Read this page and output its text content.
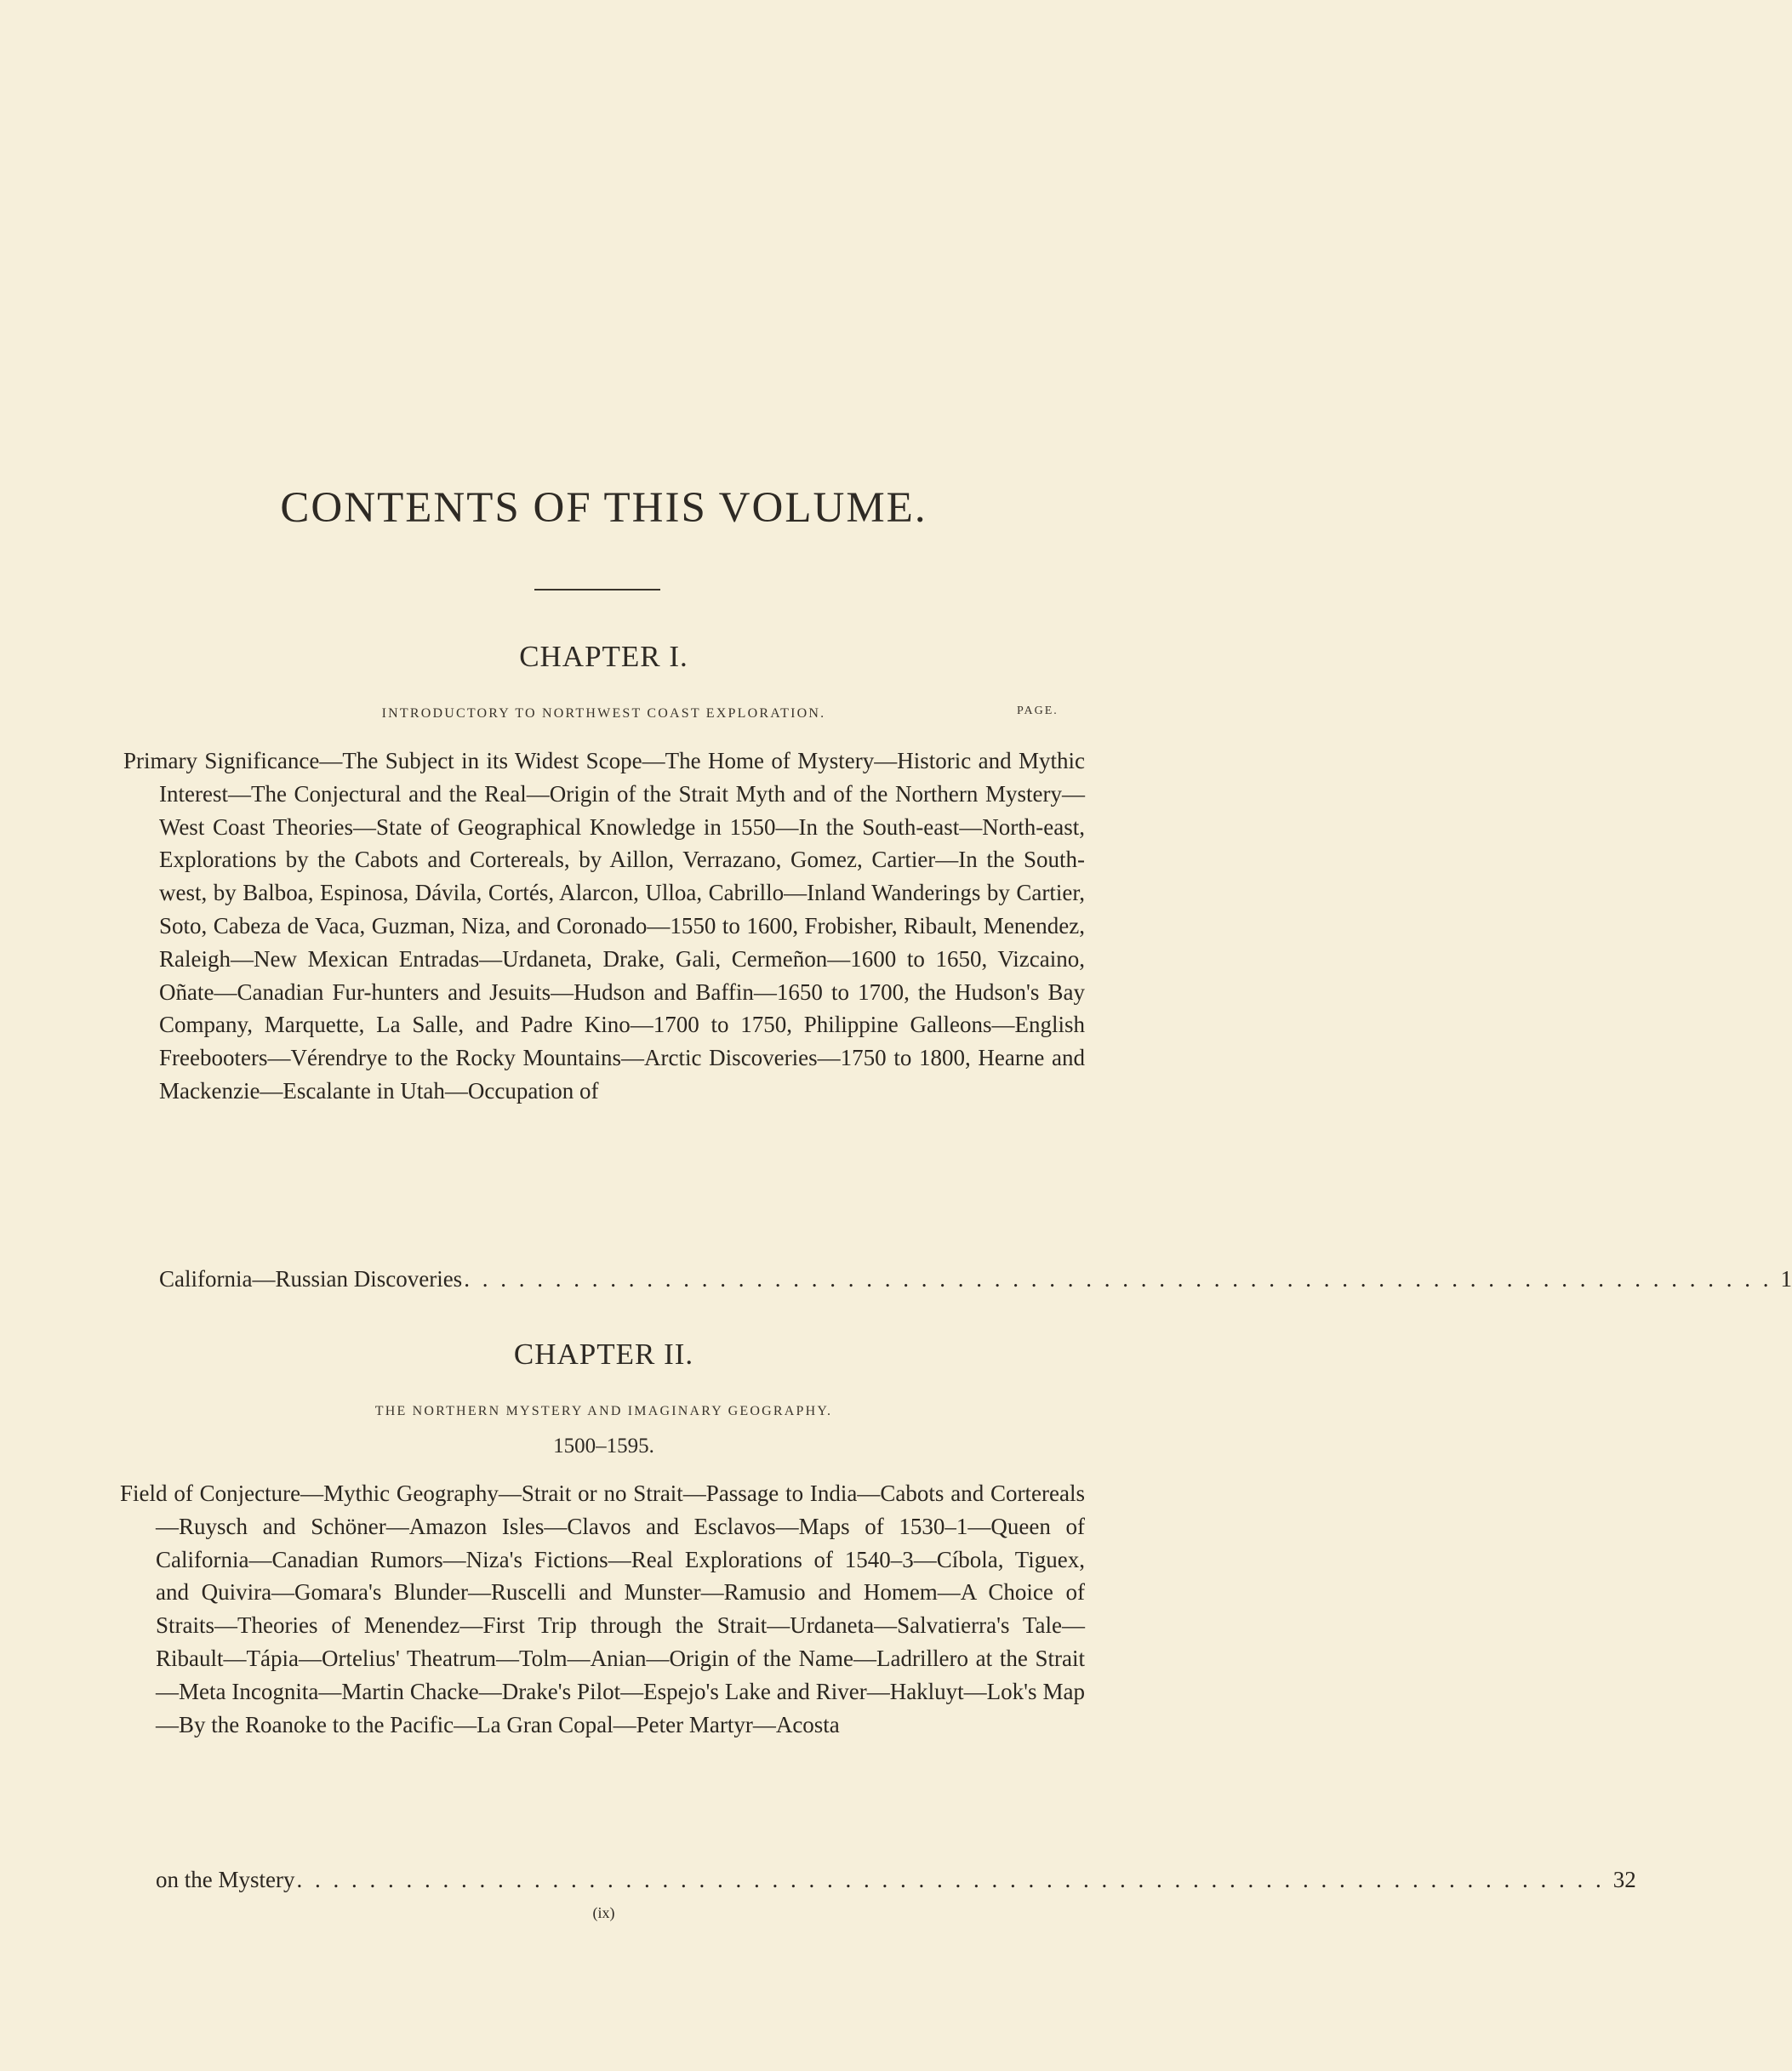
CONTENTS OF THIS VOLUME.
CHAPTER I.
INTRODUCTORY TO NORTHWEST COAST EXPLORATION.	PAGE.

Primary Significance—The Subject in its Widest Scope—The Home of Mystery—Historic and Mythic Interest—The Conjectural and the Real—Origin of the Strait Myth and of the Northern Mystery—West Coast Theories—State of Geographical Knowledge in 1550—In the South-east—North-east, Explorations by the Cabots and Cortereals, by Aillon, Verrazano, Gomez, Cartier—In the South-west, by Balboa, Espinosa, Dávila, Cortés, Alarcon, Ulloa, Cabrillo—Inland Wanderings by Cartier, Soto, Cabeza de Vaca, Guzman, Niza, and Coronado—1550 to 1600, Frobisher, Ribault, Menendez, Raleigh—New Mexican Entradas—Urdaneta, Drake, Gali, Cermeñon—1600 to 1650, Vizcaino, Oñate—Canadian Fur-hunters and Jesuits—Hudson and Baffin—1650 to 1700, the Hudson's Bay Company, Marquette, La Salle, and Padre Kino—1700 to 1750, Philippine Galleons—English Freebooters—Vérendrye to the Rocky Mountains—Arctic Discoveries—1750 to 1800, Hearne and Mackenzie—Escalante in Utah—Occupation of

California—Russian Discoveries . . . . . . . . . . . . . . . . . . . . . . . . . . . . . . . . . . . . . . . . . . . . . . . . . . . . . . . . . . . . . . . . . . . . . . . . 1
CHAPTER II.
THE NORTHERN MYSTERY AND IMAGINARY GEOGRAPHY.
1500–1595.

Field of Conjecture—Mythic Geography—Strait or no Strait—Passage to India—Cabots and Cortereals—Ruysch and Schöner—Amazon Isles—Clavos and Esclavos—Maps of 1530–1—Queen of California—Canadian Rumors—Niza's Fictions—Real Explorations of 1540–3—Cíbola, Tiguex, and Quivira—Gomara's Blunder—Ruscelli and Munster—Ramusio and Homem—A Choice of Straits—Theories of Menendez—First Trip through the Strait—Urdaneta—Salvatierra's Tale—Ribault—Tápia—Ortelius' Theatrum—Tolm—Anian—Origin of the Name—Ladrillero at the Strait—Meta Incognita—Martin Chacke—Drake's Pilot—Espejo's Lake and River—Hakluyt—Lok's Map—By the Roanoke to the Pacific—La Gran Copal—Peter Martyr—Acosta

on the Mystery . . . . . . . . . . . . . . . . . . . . . . . . . . . . . . . . . . . . . . . . . . . . . . . . . . . . . . . . . . . . . . . . . . . . . . . . 32
(ix)
